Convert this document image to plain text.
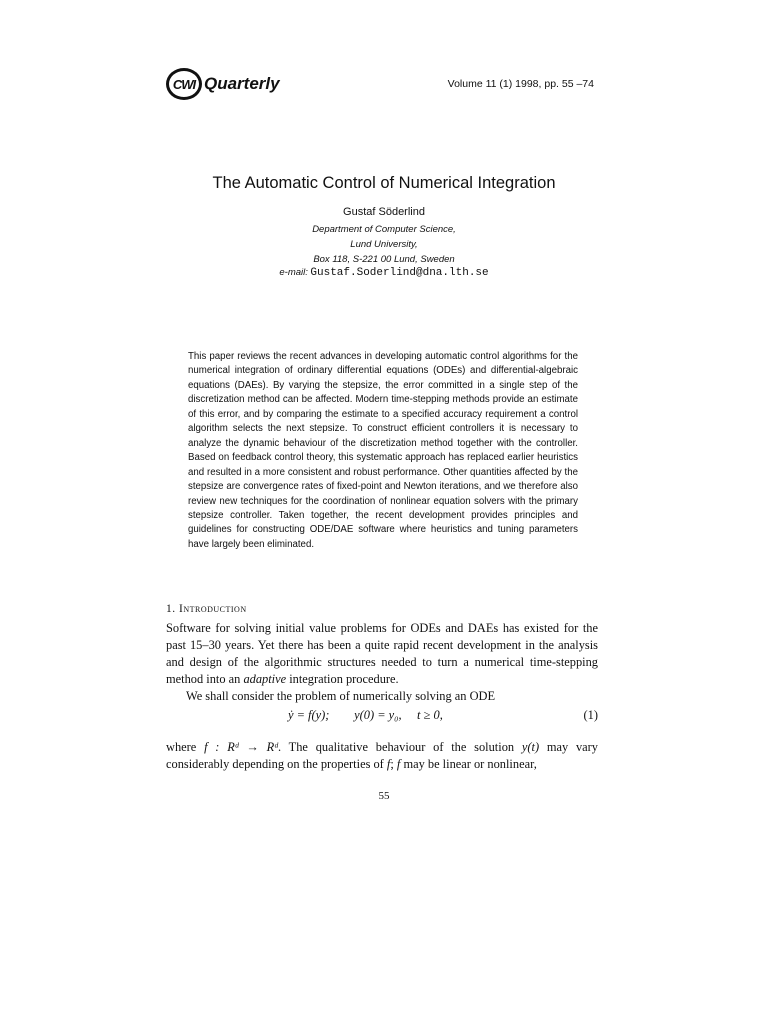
CWI Quarterly	Volume 11 (1) 1998, pp. 55 –74
The Automatic Control of Numerical Integration
Gustaf Söderlind
Department of Computer Science,
Lund University,
Box 118, S-221 00 Lund, Sweden
e-mail: Gustaf.Soderlind@dna.lth.se
This paper reviews the recent advances in developing automatic control algorithms for the numerical integration of ordinary differential equations (ODEs) and differential-algebraic equations (DAEs). By varying the stepsize, the error committed in a single step of the discretization method can be affected. Modern time-stepping methods provide an estimate of this error, and by comparing the estimate to a specified accuracy requirement a control algorithm selects the next stepsize. To construct efficient controllers it is necessary to analyze the dynamic behaviour of the discretization method together with the controller. Based on feedback control theory, this systematic approach has replaced earlier heuristics and resulted in a more consistent and robust performance. Other quantities affected by the stepsize are convergence rates of fixed-point and Newton iterations, and we therefore also review new techniques for the coordination of nonlinear equation solvers with the primary stepsize controller. Taken together, the recent development provides principles and guidelines for constructing ODE/DAE software where heuristics and tuning parameters have largely been eliminated.
1. Introduction
Software for solving initial value problems for ODEs and DAEs has existed for the past 15–30 years. Yet there has been a quite rapid recent development in the analysis and design of the algorithmic structures needed to turn a numerical time-stepping method into an adaptive integration procedure.
We shall consider the problem of numerically solving an ODE
ẏ = f(y);  y(0) = y₀,  t ≥ 0,	(1)
where f : Rᵈ → Rᵈ. The qualitative behaviour of the solution y(t) may vary considerably depending on the properties of f; f may be linear or nonlinear,
55
